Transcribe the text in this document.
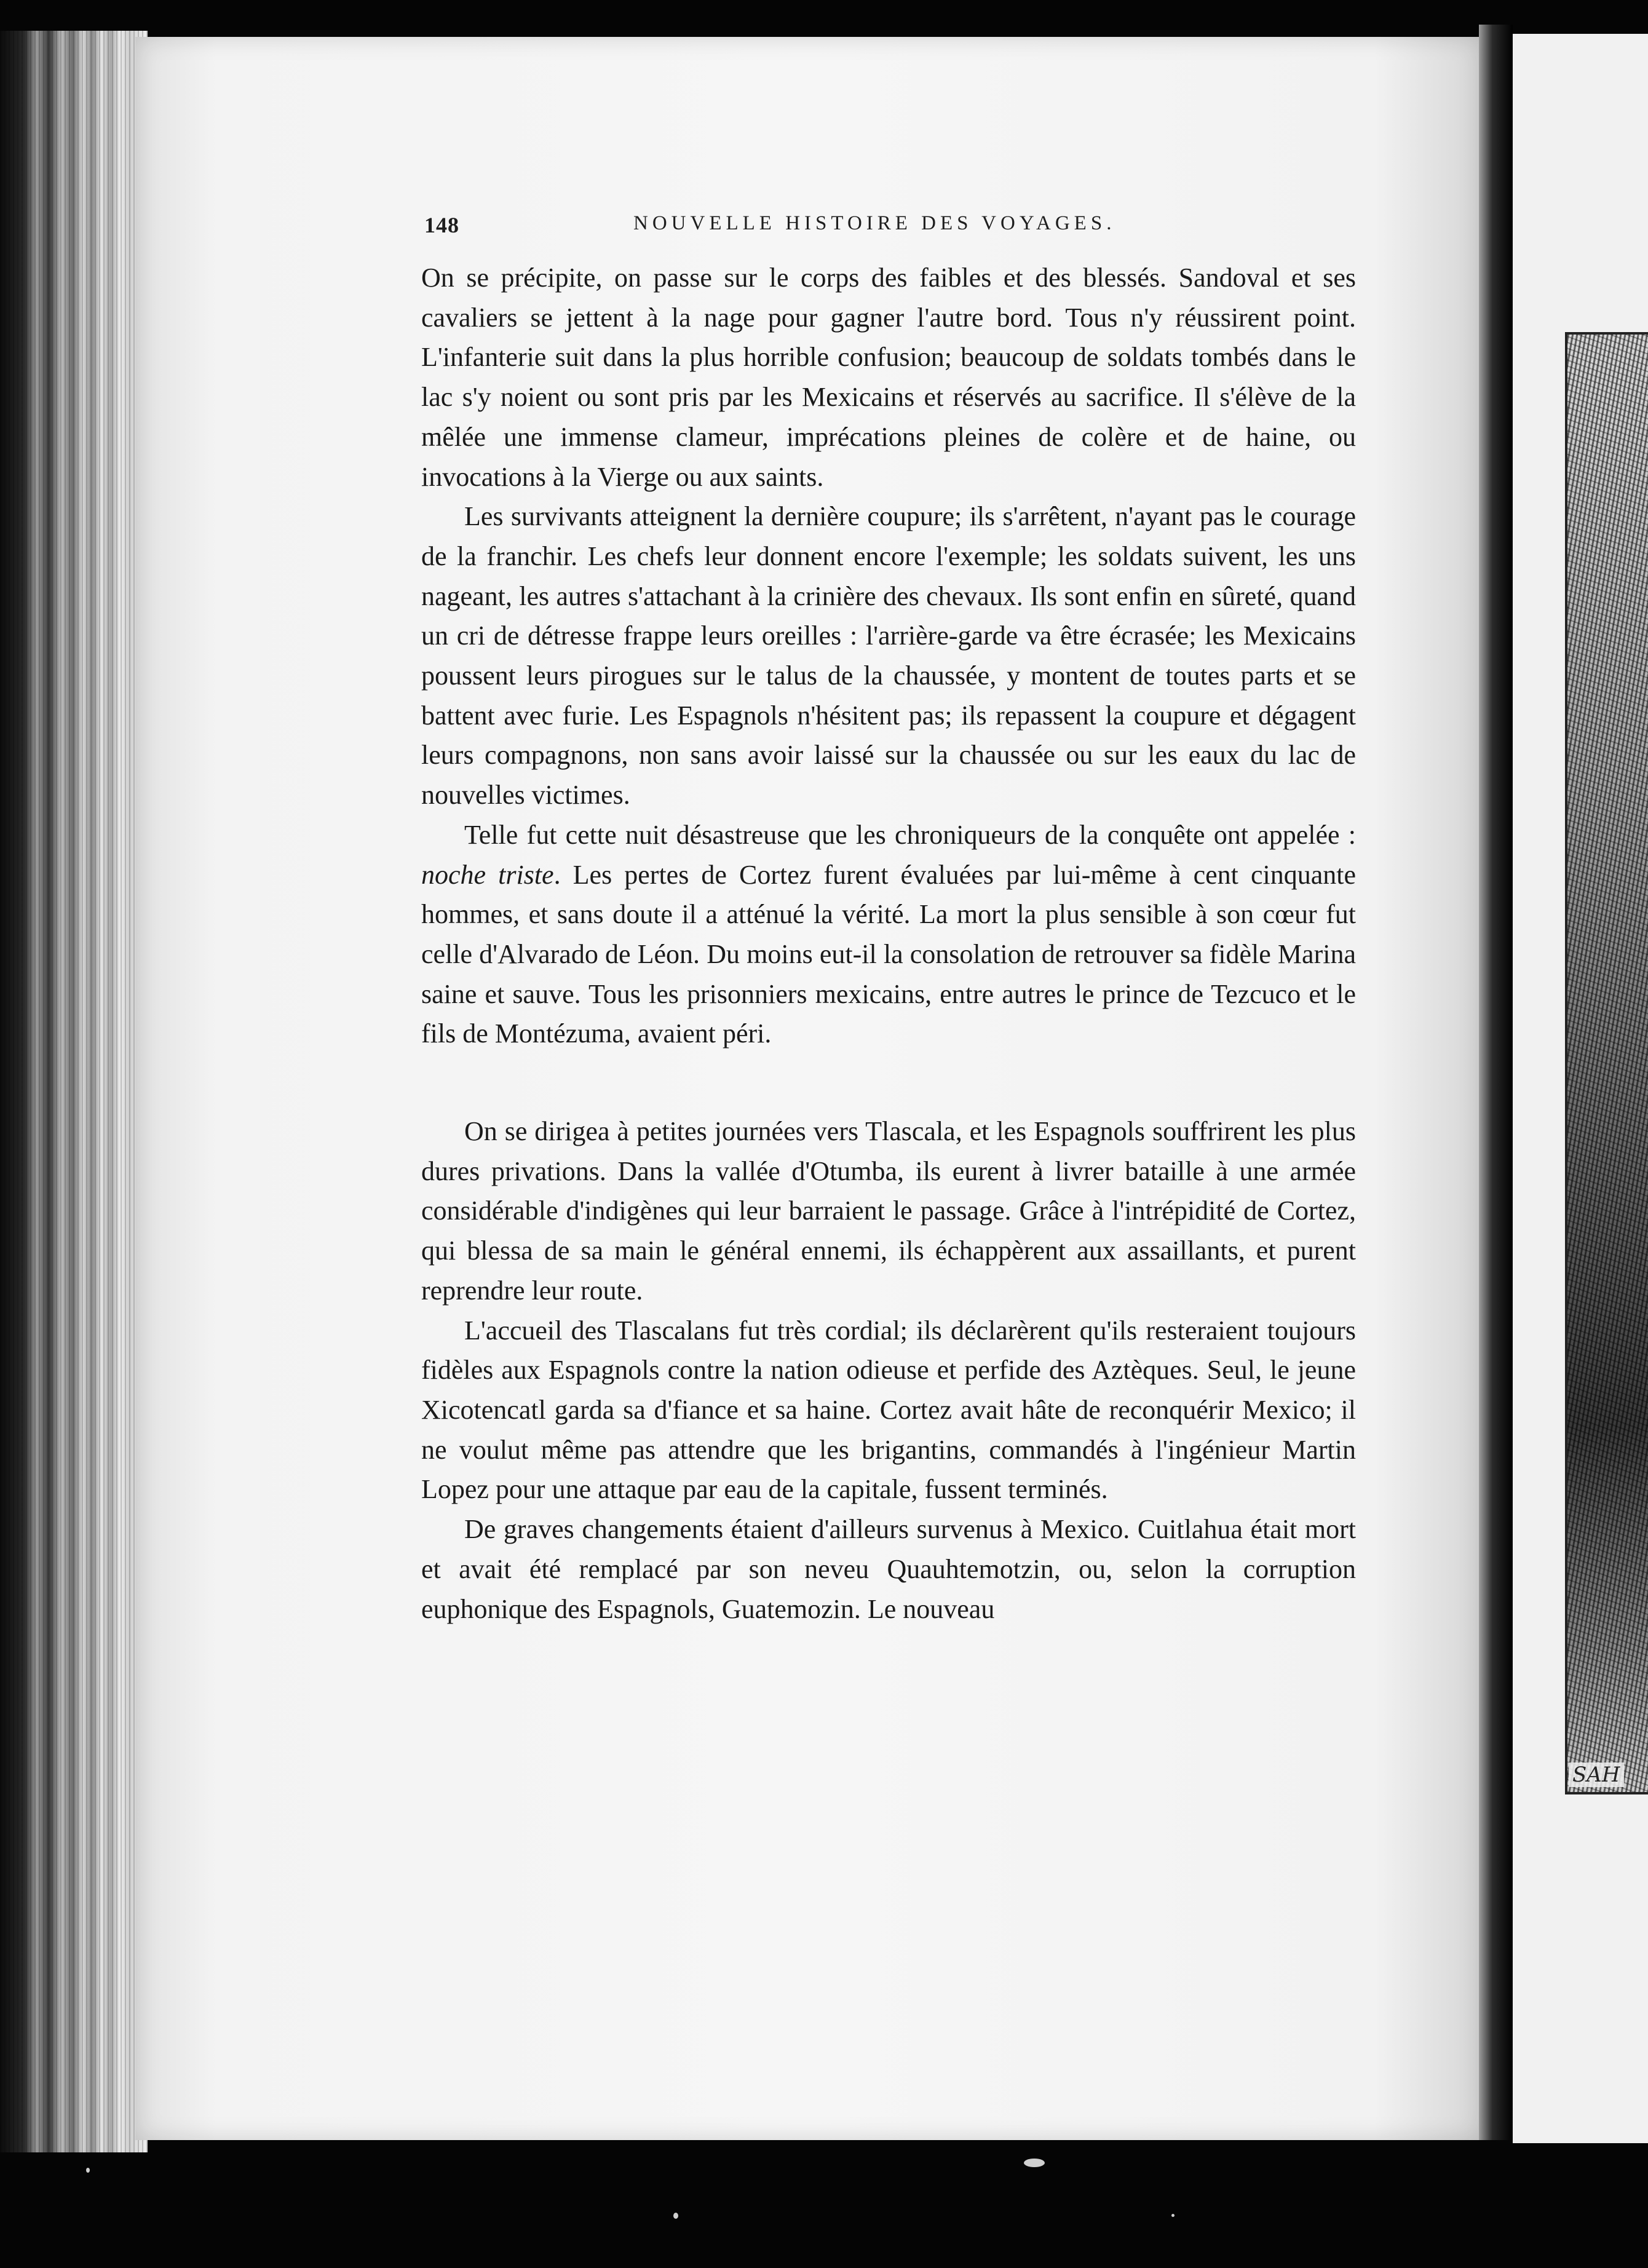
SAH
148	NOUVELLE HISTOIRE DES VOYAGES.

On se précipite, on passe sur le corps des faibles et des blessés. Sandoval et ses cavaliers se jettent à la nage pour gagner l'autre bord. Tous n'y réussirent point. L'infanterie suit dans la plus horrible confusion; beaucoup de soldats tombés dans le lac s'y noient ou sont pris par les Mexicains et réservés au sacrifice. Il s'élève de la mêlée une immense clameur, imprécations pleines de colère et de haine, ou invocations à la Vierge ou aux saints.

Les survivants atteignent la dernière coupure; ils s'arrêtent, n'ayant pas le courage de la franchir. Les chefs leur donnent encore l'exemple; les soldats suivent, les uns nageant, les autres s'attachant à la crinière des chevaux. Ils sont enfin en sûreté, quand un cri de détresse frappe leurs oreilles : l'arrière-garde va être écrasée; les Mexicains poussent leurs pirogues sur le talus de la chaussée, y montent de toutes parts et se battent avec furie. Les Espagnols n'hésitent pas; ils repassent la coupure et dégagent leurs compagnons, non sans avoir laissé sur la chaussée ou sur les eaux du lac de nouvelles victimes.

Telle fut cette nuit désastreuse que les chroniqueurs de la conquête ont appelée : noche triste. Les pertes de Cortez furent évaluées par lui-même à cent cinquante hommes, et sans doute il a atténué la vérité. La mort la plus sensible à son cœur fut celle d'Alvarado de Léon. Du moins eut-il la consolation de retrouver sa fidèle Marina saine et sauve. Tous les prisonniers mexicains, entre autres le prince de Tezcuco et le fils de Montézuma, avaient péri.

On se dirigea à petites journées vers Tlascala, et les Espagnols souffrirent les plus dures privations. Dans la vallée d'Otumba, ils eurent à livrer bataille à une armée considérable d'indigènes qui leur barraient le passage. Grâce à l'intrépidité de Cortez, qui blessa de sa main le général ennemi, ils échappèrent aux assaillants, et purent reprendre leur route.

L'accueil des Tlascalans fut très cordial; ils déclarèrent qu'ils resteraient toujours fidèles aux Espagnols contre la nation odieuse et perfide des Aztèques. Seul, le jeune Xicotencatl garda sa d'fiance et sa haine. Cortez avait hâte de reconquérir Mexico; il ne voulut même pas attendre que les brigantins, commandés à l'ingénieur Martin Lopez pour une attaque par eau de la capitale, fussent terminés.

De graves changements étaient d'ailleurs survenus à Mexico. Cuitlahua était mort et avait été remplacé par son neveu Quauhtemotzin, ou, selon la corruption euphonique des Espagnols, Guatemozin. Le nouveau
